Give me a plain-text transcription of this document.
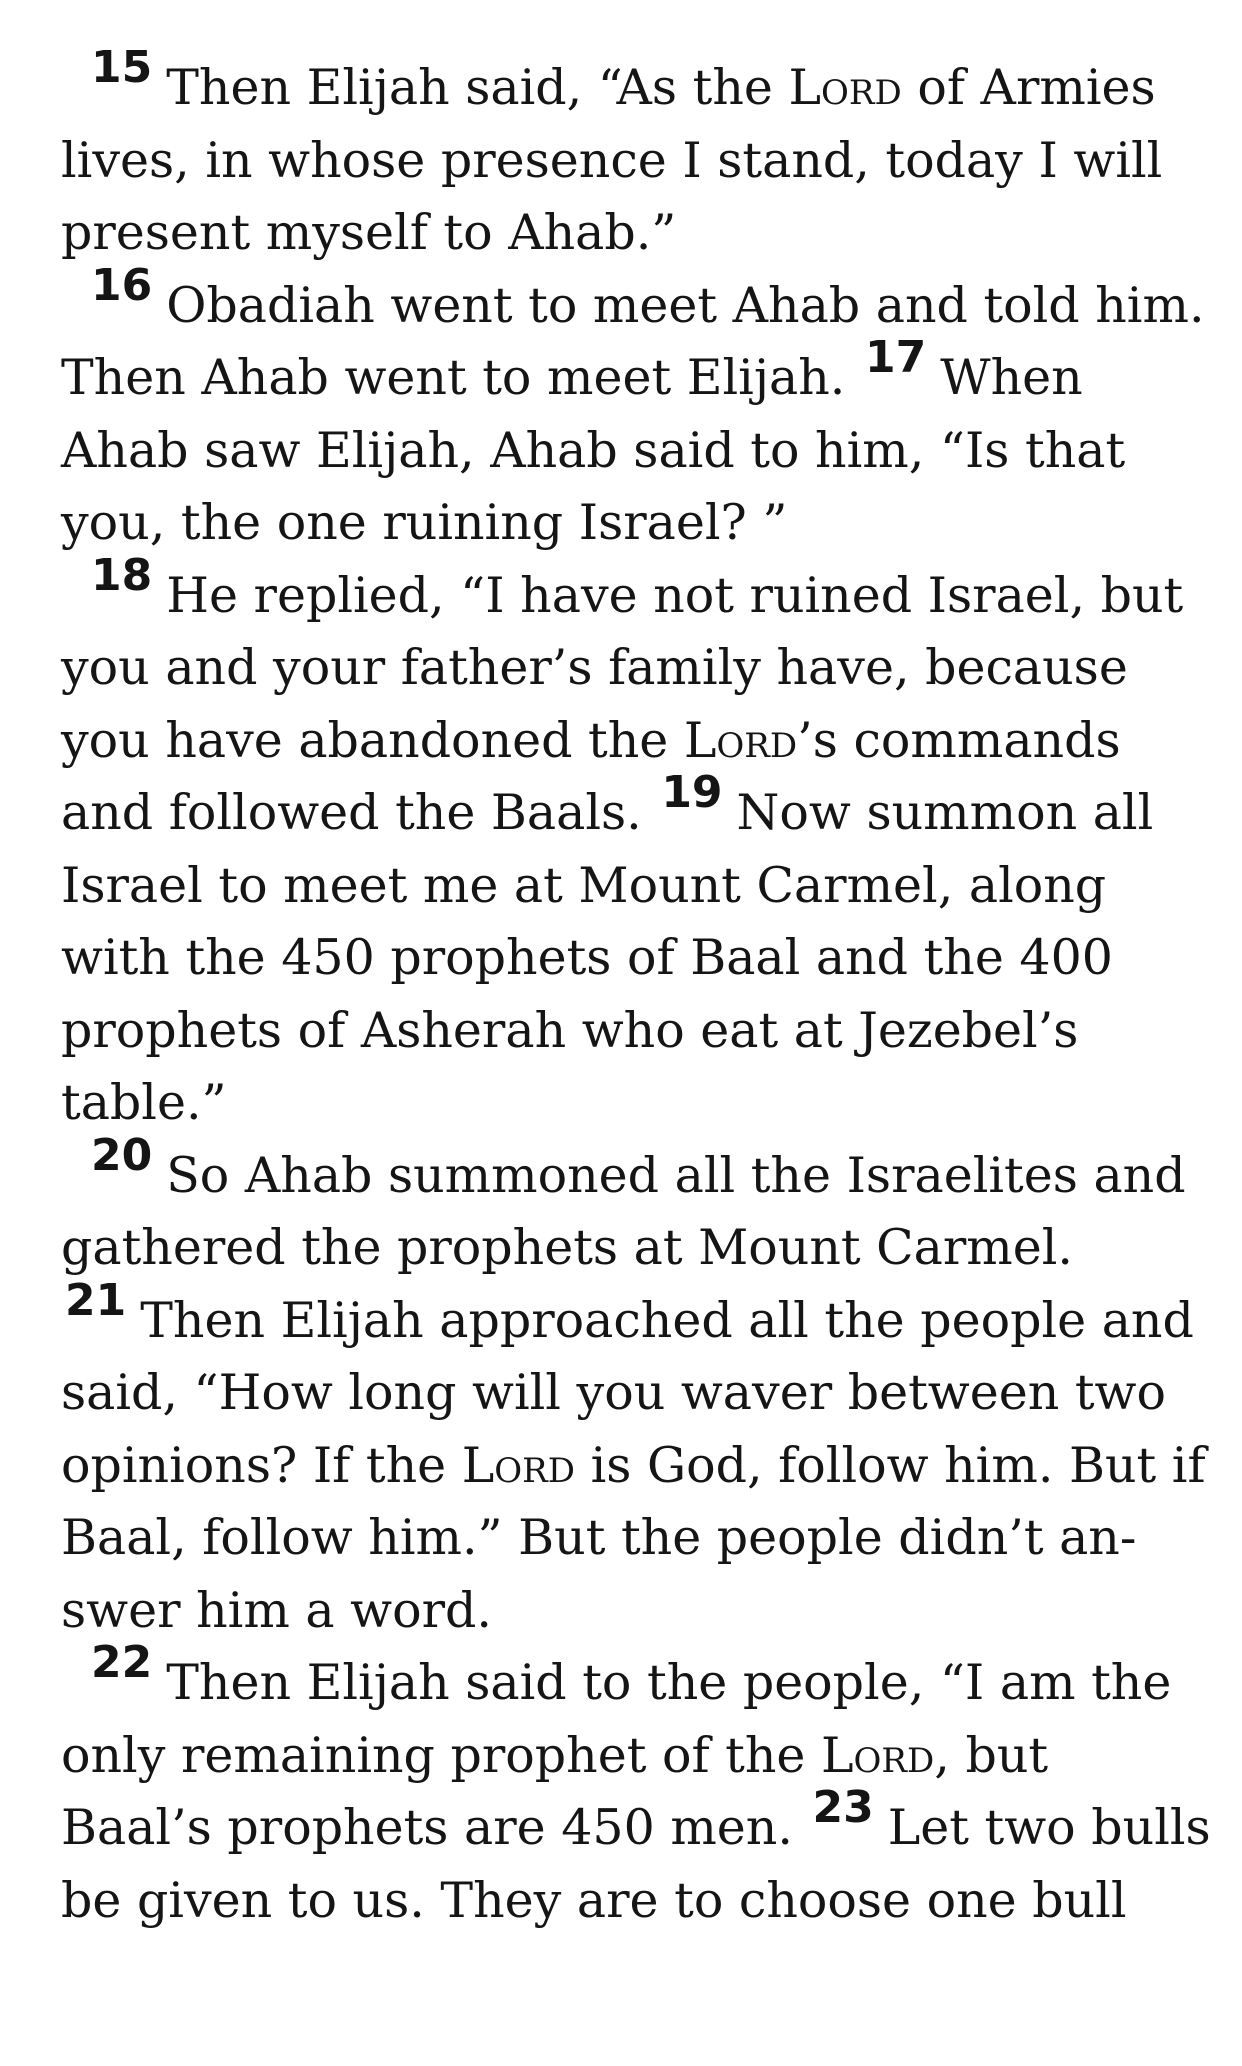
15 Then Elijah said, “As the Lord of Armies lives, in whose presence I stand, today I will present myself to Ahab.”

16 Obadiah went to meet Ahab and told him. Then Ahab went to meet Elijah. 17 When Ahab saw Elijah, Ahab said to him, “Is that you, the one ruining Israel? ”

18 He replied, “I have not ruined Israel, but you and your father’s family have, because you have abandoned the Lord’s commands and followed the Baals. 19 Now summon all Israel to meet me at Mount Carmel, along with the 450 prophets of Baal and the 400 prophets of Asherah who eat at Jezebel’s table.”

20 So Ahab summoned all the Israelites and gathered the prophets at Mount Carmel. 21 Then Elijah approached all the people and said, “How long will you waver between two opinions? If the Lord is God, follow him. But if Baal, follow him.” But the people didn’t an-swer him a word.

22 Then Elijah said to the people, “I am the only remaining prophet of the Lord, but Baal’s prophets are 450 men. 23 Let two bulls be given to us. They are to choose one bull
